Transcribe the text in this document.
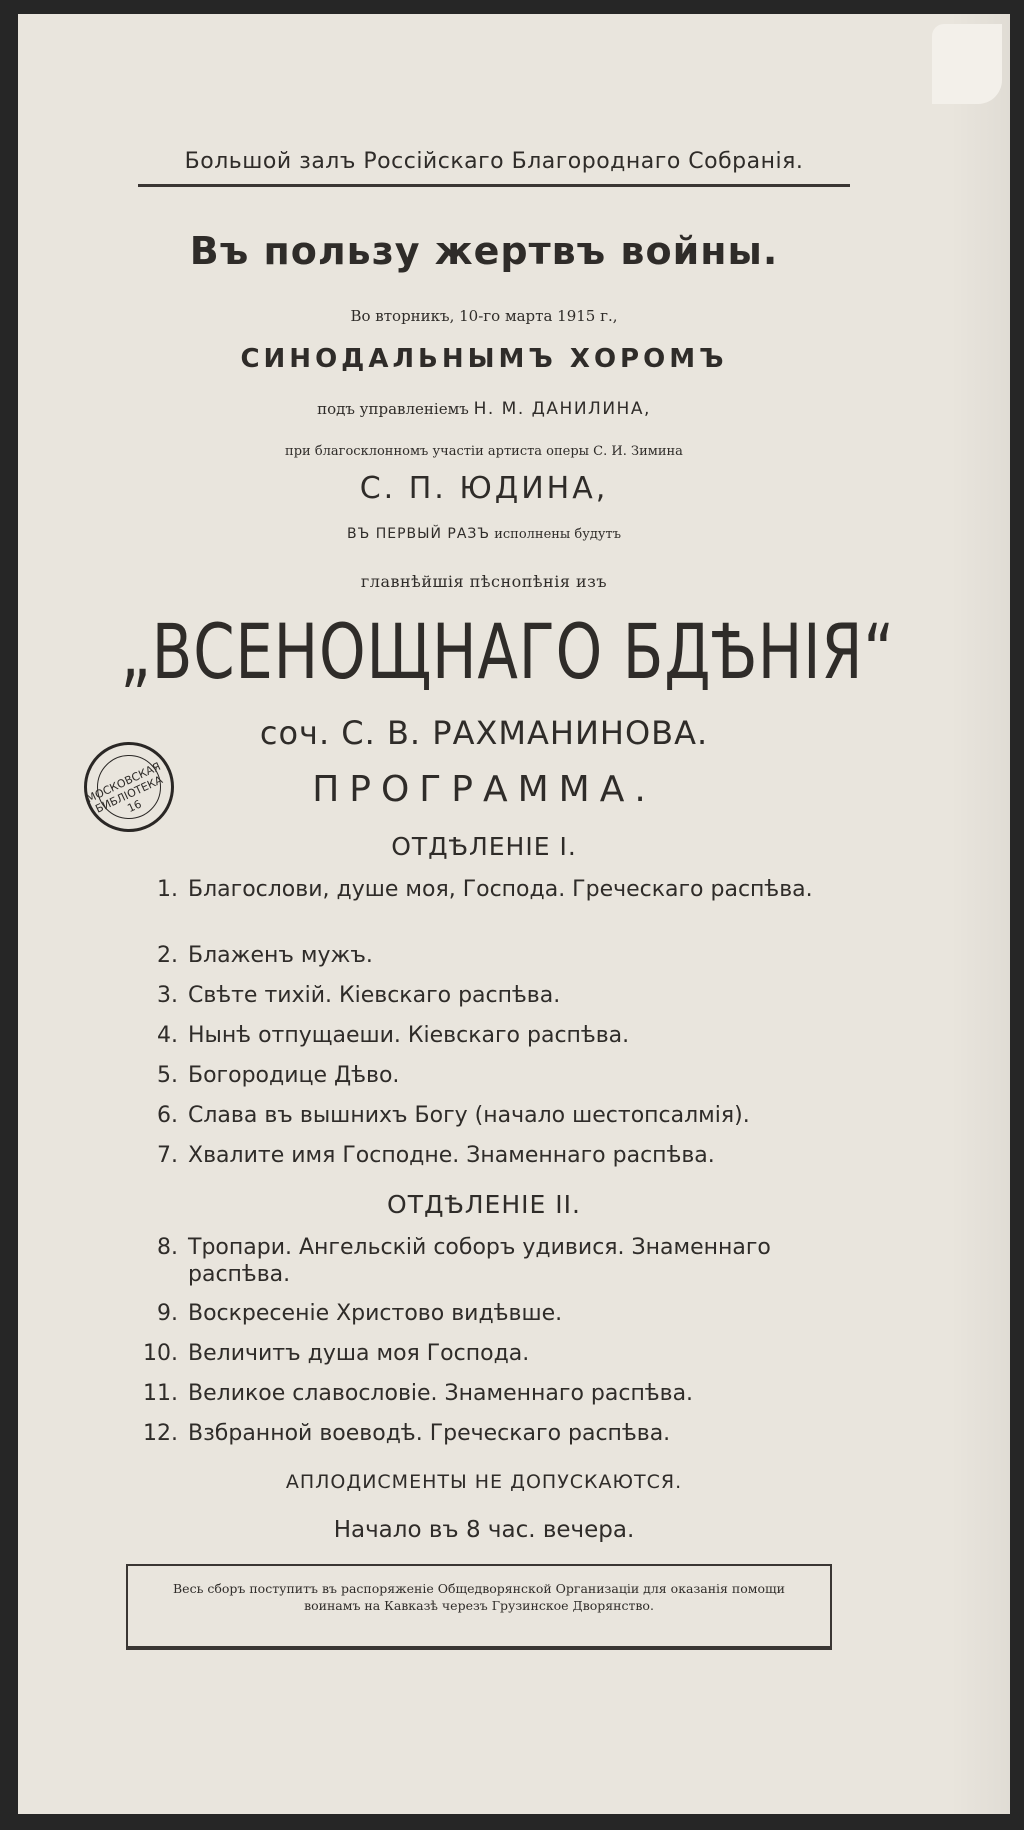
Большой залъ Россійскаго Благороднаго Собранія.
Въ пользу жертвъ войны.
Во вторникъ, 10-го марта 1915 г.,
СИНОДАЛЬНЫМЪ ХОРОМЪ
подъ управленіемъ Н. М. ДАНИЛИНА,
при благосклонномъ участіи артиста оперы С. И. Зимина
С. П. ЮДИНА,
ВЪ ПЕРВЫЙ РАЗЪ исполнены будутъ
главнѣйшія пѣснопѣнія изъ
„ВСЕНОЩНАГО БДѢНІЯ“
соч. С. В. РАХМАНИНОВА.
ПРОГРАММА.
МОСКОВСКАЯ БИБЛІОТЕКА 16
ОТДѢЛЕНІЕ I.
1. Благослови, душе моя, Господа. Греческаго распѣва.
2. Блаженъ мужъ.
3. Свѣте тихій. Кіевскаго распѣва.
4. Нынѣ отпущаеши. Кіевскаго распѣва.
5. Богородице Дѣво.
6. Слава въ вышнихъ Богу (начало шестопсалмія).
7. Хвалите имя Господне. Знаменнаго распѣва.
ОТДѢЛЕНІЕ II.
8. Тропари. Ангельскій соборъ удивися. Знаменнаго распѣва.
9. Воскресеніе Христово видѣвше.
10. Величитъ душа моя Господа.
11. Великое славословіе. Знаменнаго распѣва.
12. Взбранной воеводѣ. Греческаго распѣва.
АПЛОДИСМЕНТЫ НЕ ДОПУСКАЮТСЯ.
Начало въ 8 час. вечера.
Весь сборъ поступитъ въ распоряженіе Общедворянской Организаціи для оказанія помощи воинамъ на Кавказѣ черезъ Грузинское Дворянство.
